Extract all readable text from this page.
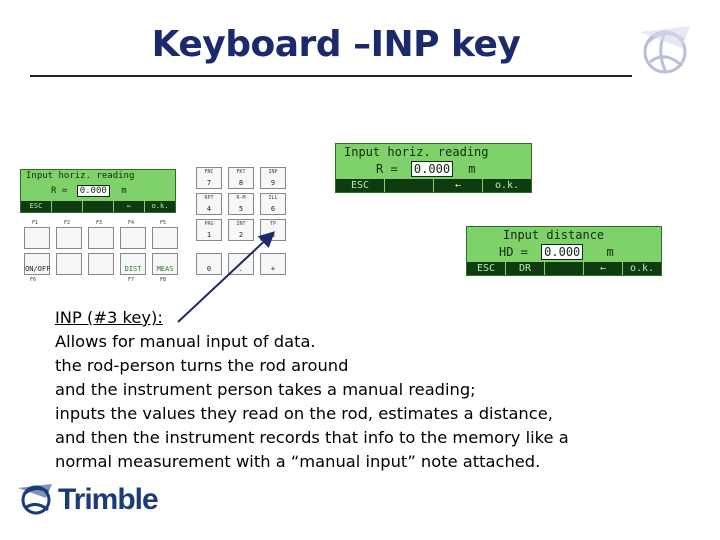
Keyboard –INP key
Input horiz. reading
R = 0.000 m
ESC	←	o.k.
Input distance
HD = 0.000 m
ESC	DR	←	o.k.
Input horiz. reading
R = 0.000 m
ESC	←	o.k.
F1	F2	F3	F4	F5
ON/OFF	DIST	MEAS
F6	F7	F8
FNC
7
FKT
8
INP
9
RPT
4
R-M
5
ILL
6
PRG
1
INT
2
TP
3
0	.	+
INP (#3 key):
Allows for manual input of data.
the rod-person turns the rod around
and the instrument person takes a manual reading;
inputs the values they read on the rod, estimates a distance,
and then the instrument records that info to the memory like a
normal measurement with a “manual input” note attached.
Trimble
